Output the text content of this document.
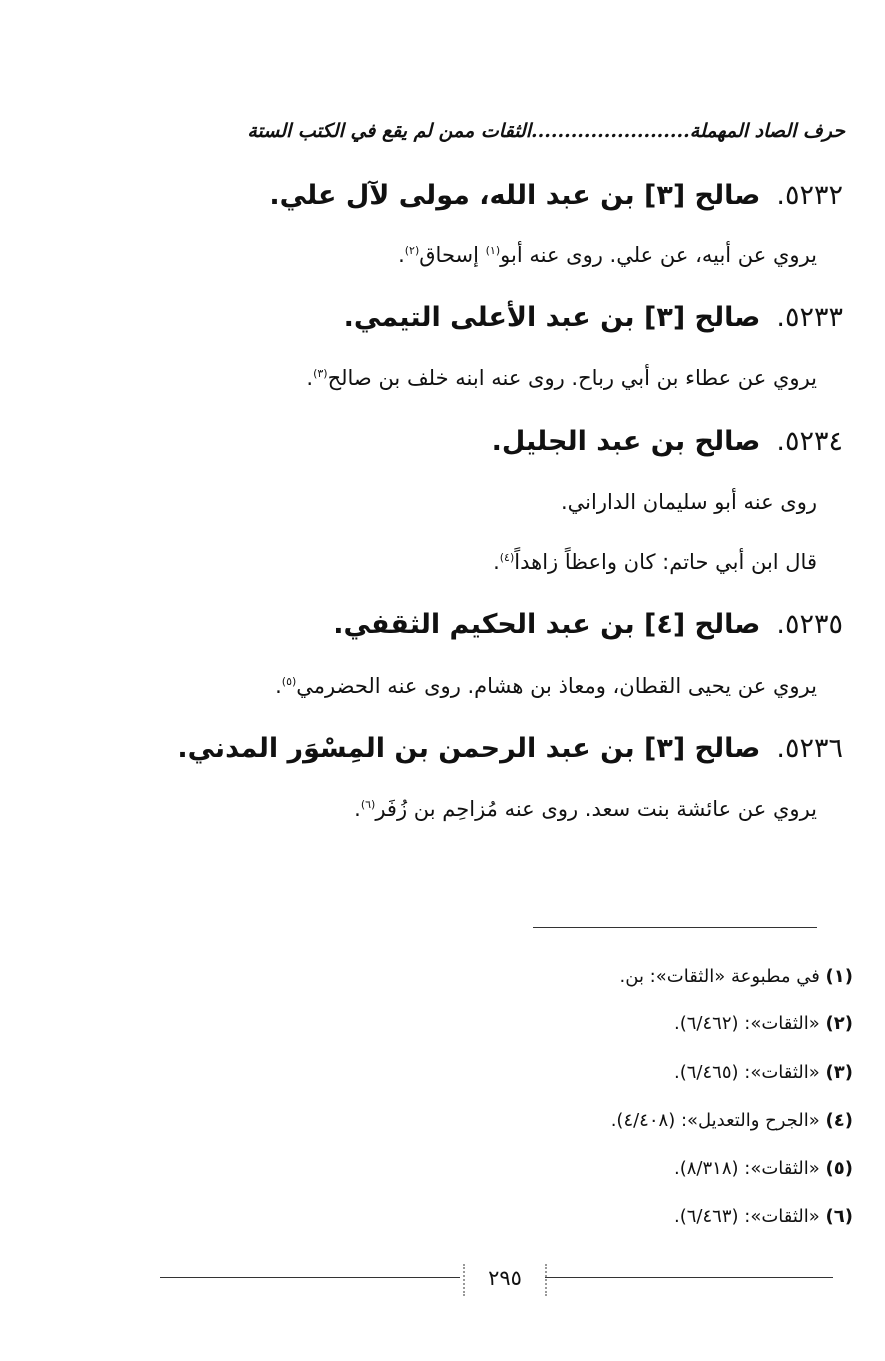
حرف الصاد المهملة........................الثقات ممن لم يقع في الكتب الستة
٥٢٣٢.صالح [٣] بن عبد الله، مولى لآل علي.
يروي عن أبيه، عن علي. روى عنه أبو$^{(١)}$ إسحاق$^{(٢)}$.
٥٢٣٣.صالح [٣] بن عبد الأعلى التيمي.
يروي عن عطاء بن أبي رباح. روى عنه ابنه خلف بن صالح$^{(٣)}$.
٥٢٣٤.صالح بن عبد الجليل.
روى عنه أبو سليمان الداراني.
قال ابن أبي حاتم: كان واعظاً زاهداً$^{(٤)}$.
٥٢٣٥.صالح [٤] بن عبد الحكيم الثقفي.
يروي عن يحيى القطان، ومعاذ بن هشام. روى عنه الحضرمي$^{(٥)}$.
٥٢٣٦.صالح [٣] بن عبد الرحمن بن المِسْوَر المدني.
يروي عن عائشة بنت سعد. روى عنه مُزاحِم بن زُفَر$^{(٦)}$.
(١) في مطبوعة «الثقات»: بن.
(٢) «الثقات»: (٦/٤٦٢).
(٣) «الثقات»: (٦/٤٦٥).
(٤) «الجرح والتعديل»: (٤/٤٠٨).
(٥) «الثقات»: (٨/٣١٨).
(٦) «الثقات»: (٦/٤٦٣).
٢٩٥
